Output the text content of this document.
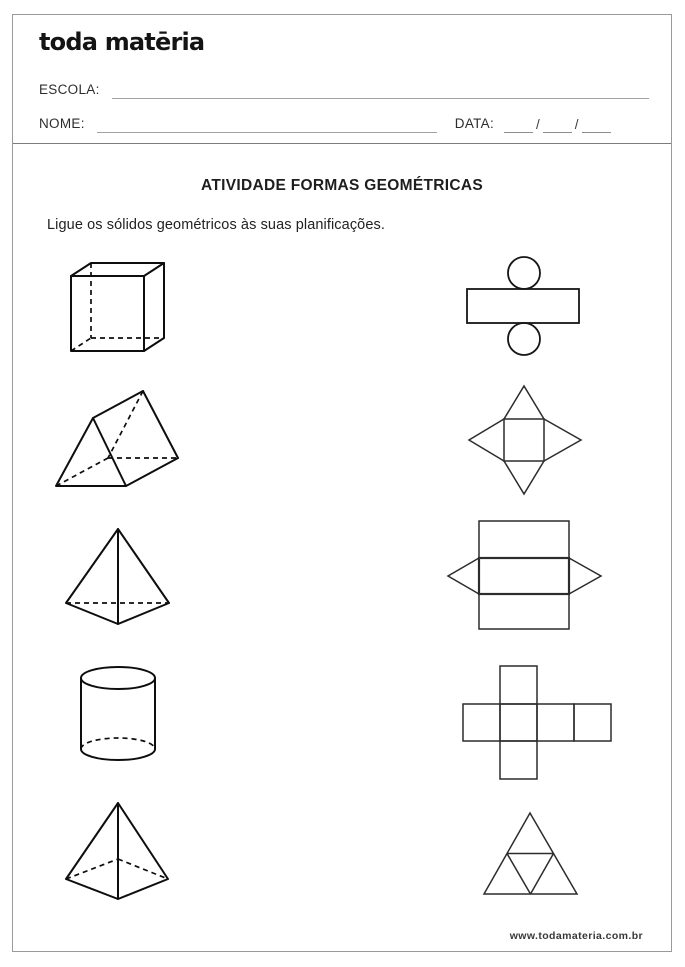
toda matēria
ESCOLA:
NOME:	DATA:	/	/
ATIVIDADE FORMAS GEOMÉTRICAS
Ligue os sólidos geométricos às suas planificações.
www.todamateria.com.br
